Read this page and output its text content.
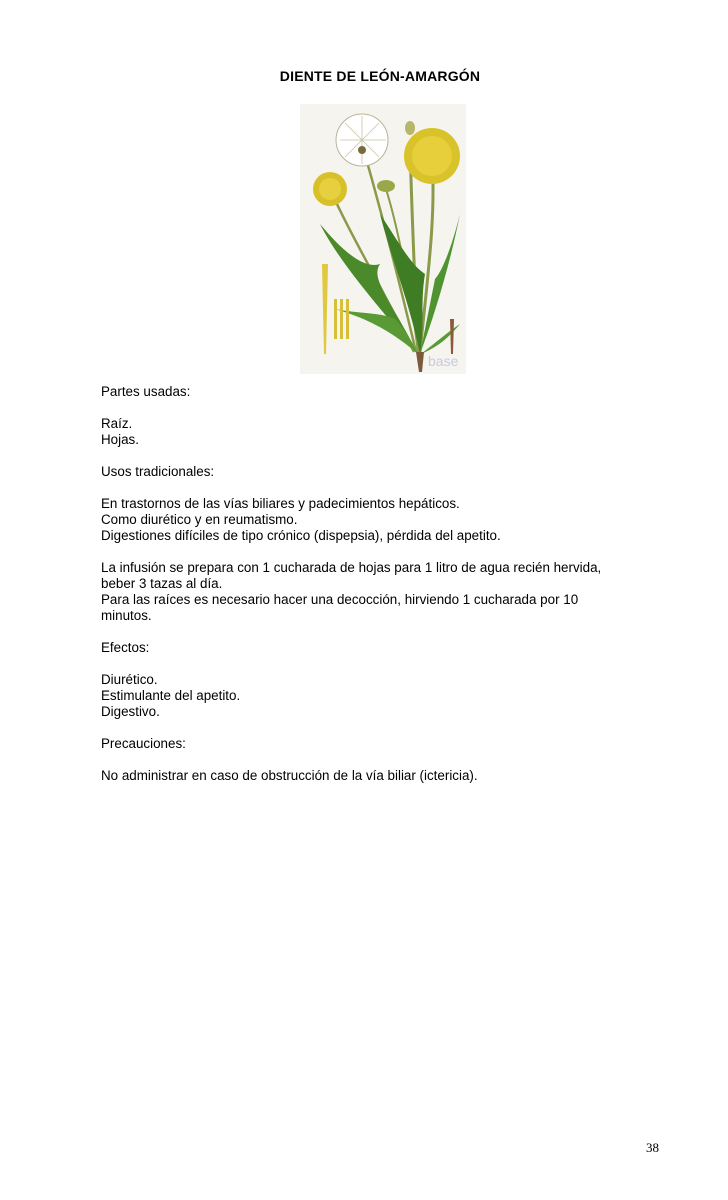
DIENTE DE LEÓN-AMARGÓN
base
Partes usadas:
Raíz.
Hojas.
Usos tradicionales:
En trastornos de las vías biliares y padecimientos hepáticos.
Como diurético y en reumatismo.
Digestiones difíciles de tipo crónico (dispepsia), pérdida del apetito.
La infusión se prepara con 1 cucharada de hojas para 1 litro de agua recién hervida,
beber 3 tazas al día.
Para las raíces es necesario hacer una decocción, hirviendo 1 cucharada por 10
minutos.
Efectos:
Diurético.
Estimulante del apetito.
Digestivo.
Precauciones:
No administrar en caso de obstrucción de la vía biliar (ictericia).
38
